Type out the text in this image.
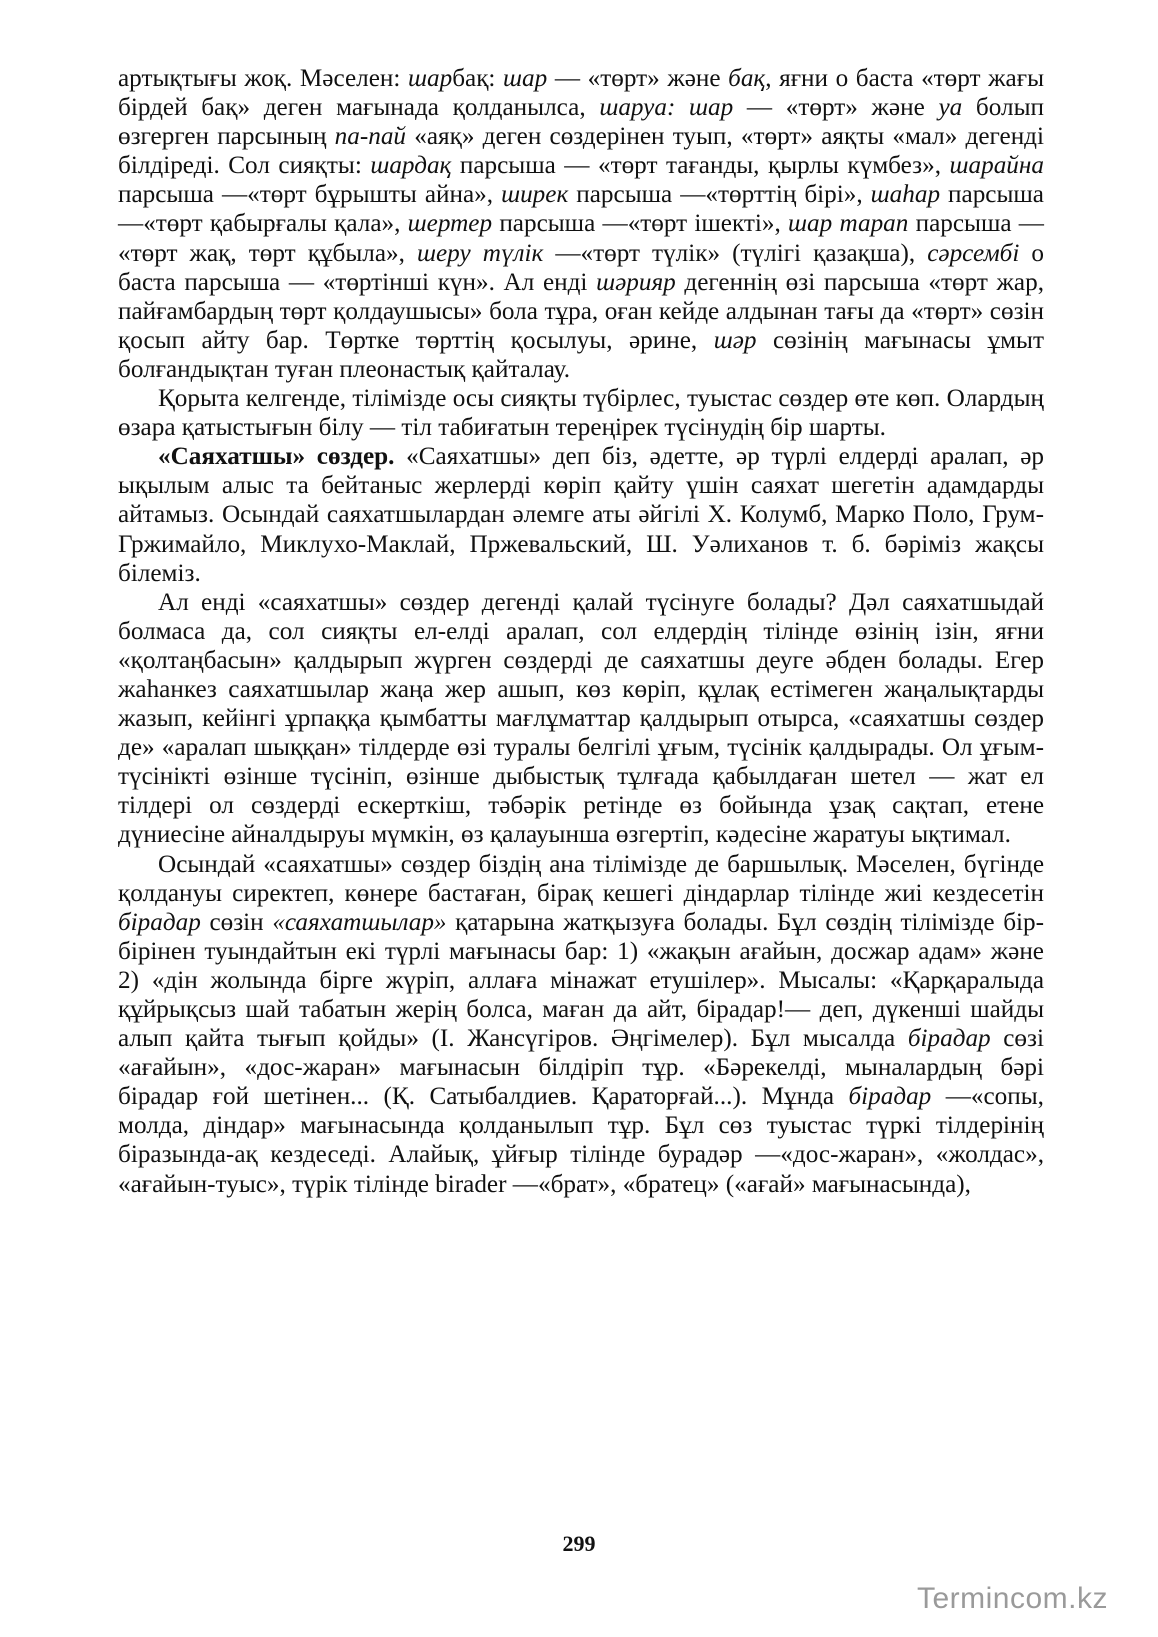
артықтығы жоқ. Мәселен: шарбақ: шар — «төрт» және бақ, яғни о баста «төрт жағы бірдей бақ» деген мағынада қолданылса, шаруа: шар — «төрт» және уа болып өзгерген парсының па-пай «аяқ» деген сөздерінен туып, «төрт» аяқты «мал» дегенді білдіреді. Сол сияқты: шардақ парсыша — «төрт тағанды, қырлы күмбез», шарайна парсыша —«төрт бұрышты айна», ширек парсыша —«төрттің бірі», шаһар парсыша —«төрт қабырғалы қала», шертер парсыша —«төрт ішекті», шар тарап парсыша — «төрт жақ, төрт құбыла», шеру түлік —«төрт түлік» (түлігі қазақша), сәрсембі о баста парсыша — «төртінші күн». Ал енді шәрияр дегеннің өзі парсыша «төрт жар, пайғамбардың төрт қолдаушысы» бола тұра, оған кейде алдынан тағы да «төрт» сөзін қосып айту бар. Төртке төрттің қосылуы, әрине, шәр сөзінің мағынасы ұмыт болғандықтан туған плеонастық қайталау.

Қорыта келгенде, тілімізде осы сияқты түбірлес, туыстас сөздер өте көп. Олардың өзара қатыстығын білу — тіл табиғатын тереңірек түсінудің бір шарты.

«Саяхатшы» сөздер. «Саяхатшы» деп біз, әдетте, әр түрлі елдерді аралап, әр ықылым алыс та бейтаныс жерлерді көріп қайту үшін саяхат шегетін адамдарды айтамыз. Осындай саяхатшылардан әлемге аты әйгілі Х. Колумб, Марко Поло, Грум-Гржимайло, Миклухо-Маклай, Пржевальский, Ш. Уәлиханов т. б. бәріміз жақсы білеміз.

Ал енді «саяхатшы» сөздер дегенді қалай түсінуге болады? Дәл саяхатшыдай болмаса да, сол сияқты ел-елді аралап, сол елдердің тілінде өзінің ізін, яғни «қолтаңбасын» қалдырып жүрген сөздерді де саяхатшы деуге әбден болады. Егер жаһанкез саяхатшылар жаңа жер ашып, көз көріп, құлақ естімеген жаңалықтарды жазып, кейінгі ұрпаққа қымбатты мағлұматтар қалдырып отырса, «саяхатшы сөздер де» «аралап шыққан» тілдерде өзі туралы белгілі ұғым, түсінік қалдырады. Ол ұғым-түсінікті өзінше түсініп, өзінше дыбыстық тұлғада қабылдаған шетел — жат ел тілдері ол сөздерді ескерткіш, тәбәрік ретінде өз бойында ұзақ сақтап, етене дүниесіне айналдыруы мүмкін, өз қалауынша өзгертіп, кәдесіне жаратуы ықтимал.

Осындай «саяхатшы» сөздер біздің ана тілімізде де баршылық. Мәселен, бүгінде қолдануы сиректеп, көнере бастаған, бірақ кешегі діндарлар тілінде жиі кездесетін бірадар сөзін «саяхатшылар» қатарына жатқызуға болады. Бұл сөздің тілімізде бір-бірінен туындайтын екі түрлі мағынасы бар: 1) «жақын ағайын, досжар адам» және 2) «дін жолында бірге жүріп, аллаға мінажат етушілер». Мысалы: «Қарқаралыда құйрықсыз шай табатын жерің болса, маған да айт, бірадар!— деп, дүкенші шайды алып қайта тығып қойды» (І. Жансүгіров. Әңгімелер). Бұл мысалда бірадар сөзі «ағайын», «дос-жаран» мағынасын білдіріп тұр. «Бәрекелді, мыналардың бәрі бірадар ғой шетінен... (Қ. Сатыбалдиев. Қараторғай...). Мұнда бірадар —«сопы, молда, діндар» мағынасында қолданылып тұр. Бұл сөз туыстас түркі тілдерінің біразында-ақ кездеседі. Алайық, ұйғыр тілінде бурадәр —«дос-жаран», «жолдас», «ағайын-туыс», түрік тілінде birader —«брат», «братец» («ағай» мағынасында),

299
Termincom.kz
